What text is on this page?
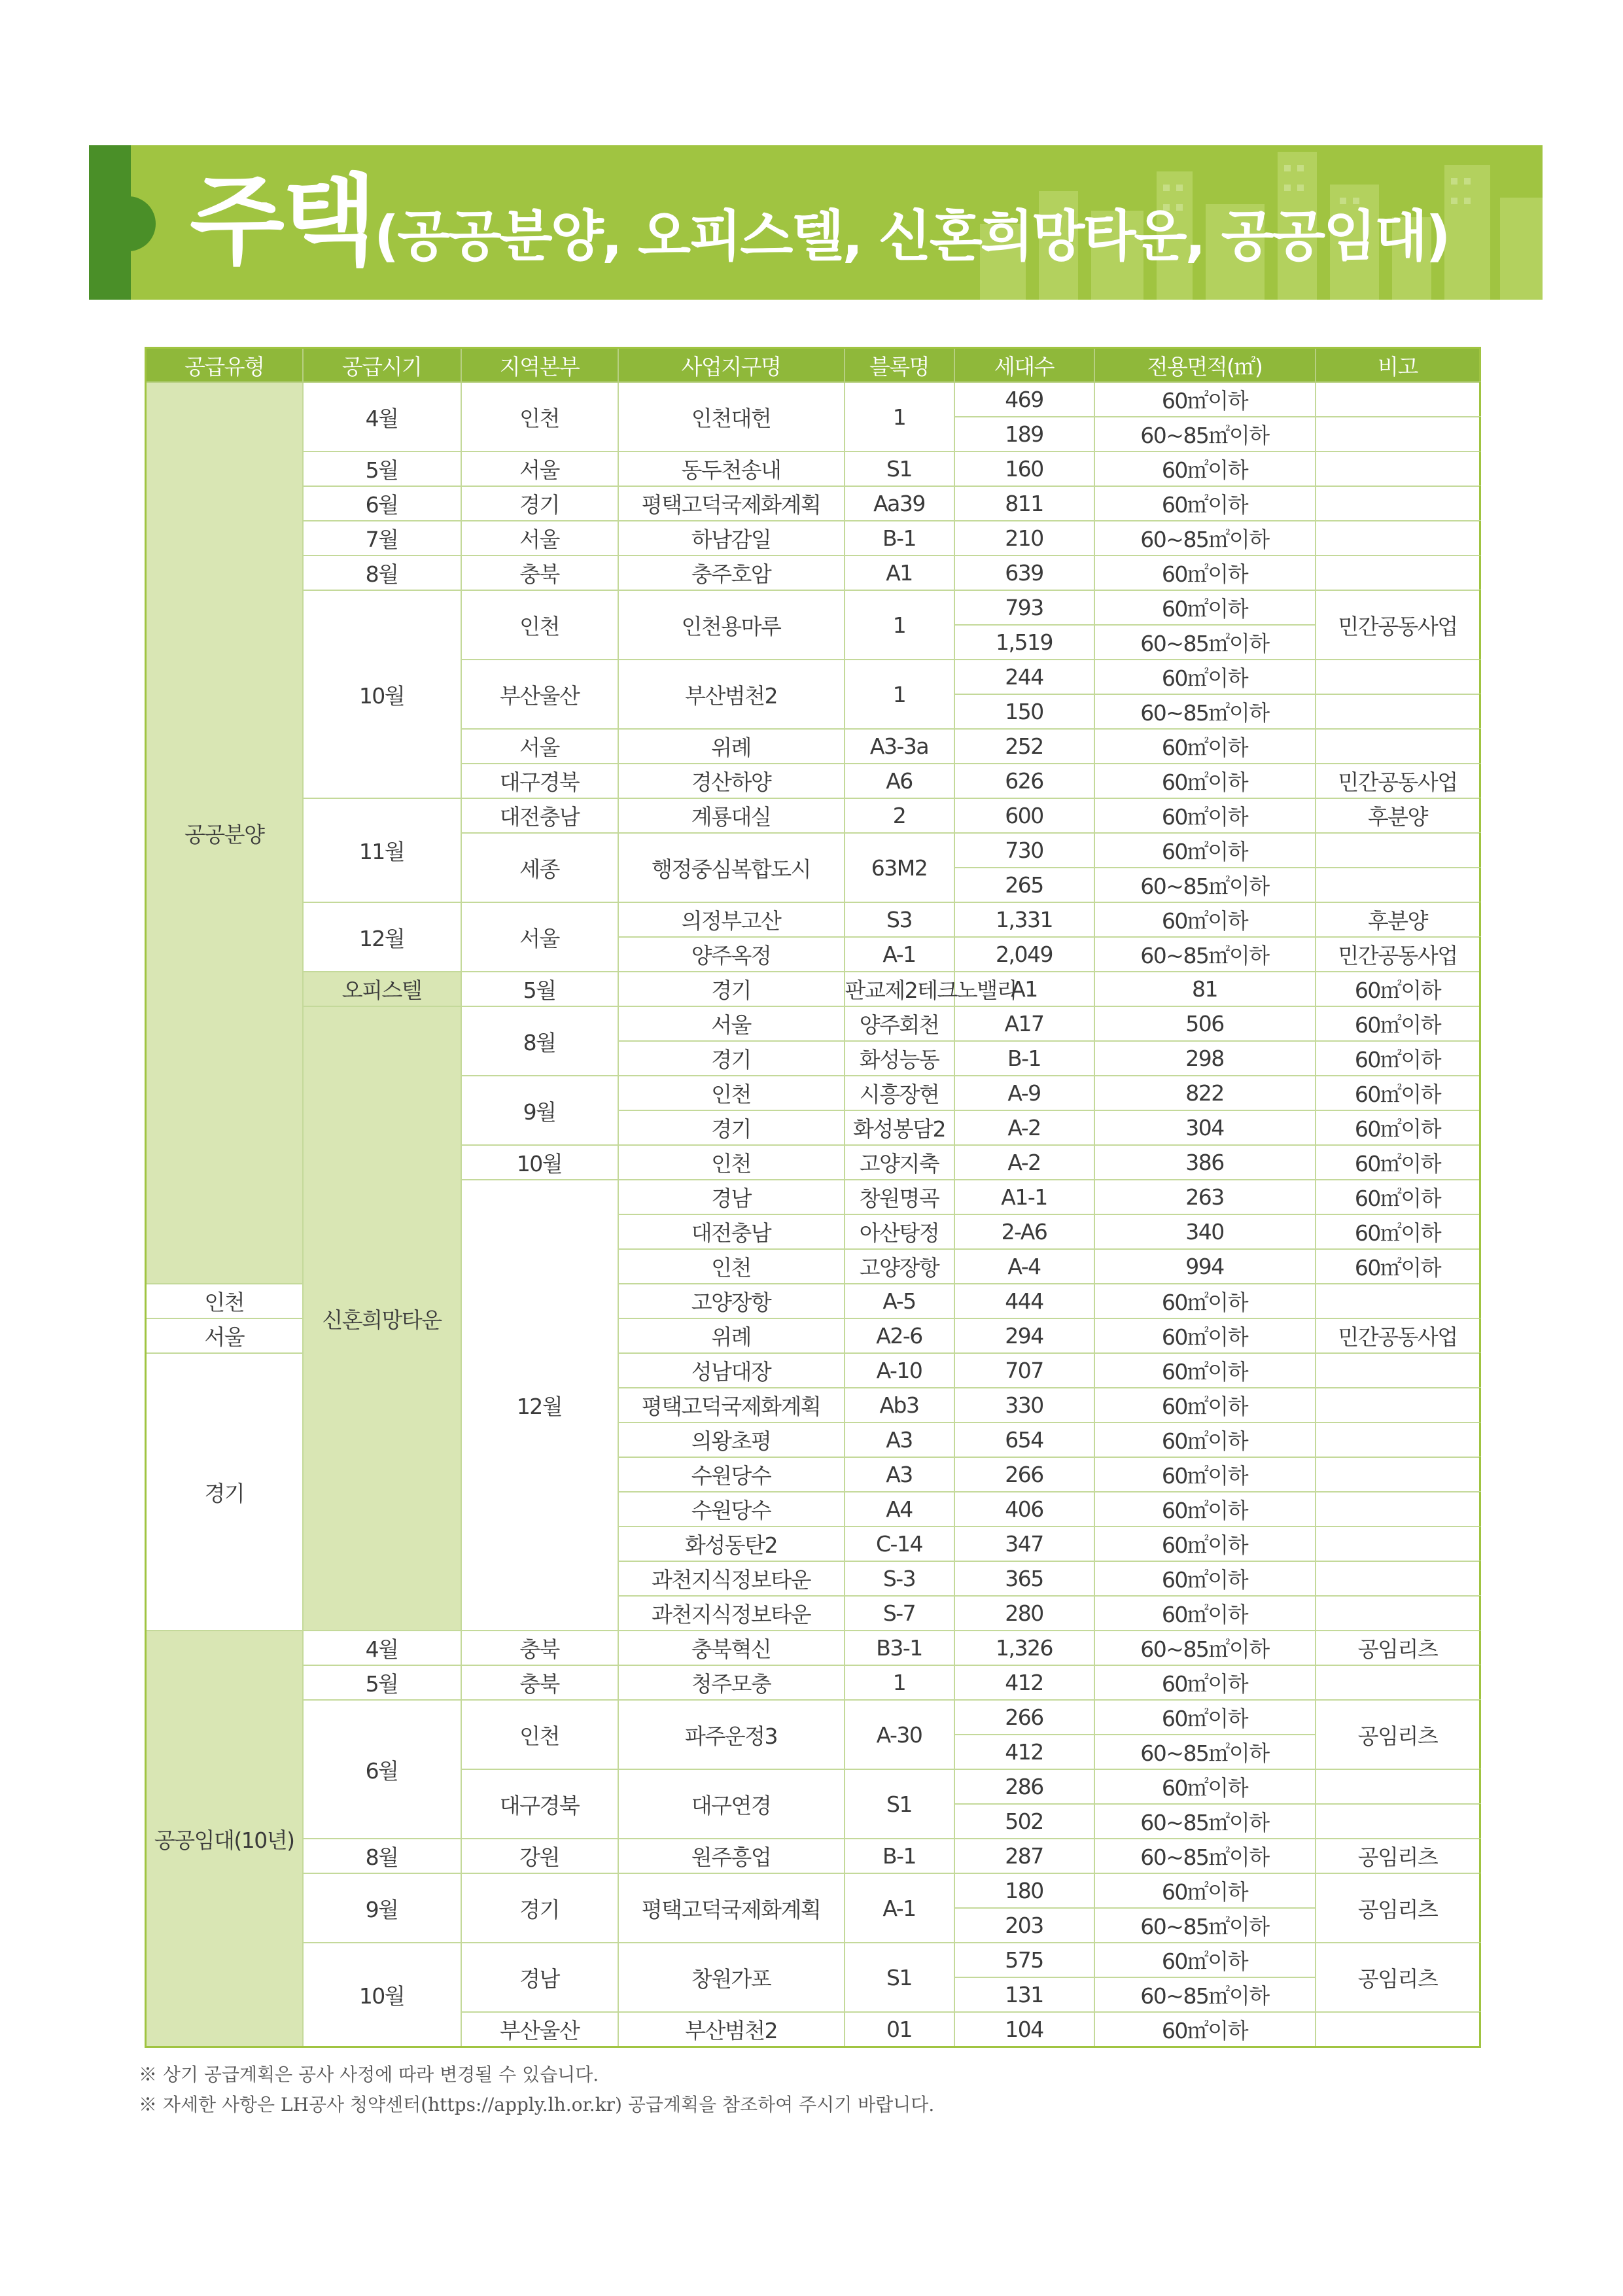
주택(공공분양, 오피스텔, 신혼희망타운, 공공임대)
공급유형	공급시기	지역본부	사업지구명	블록명	세대수	전용면적(㎡)	비고	
공공분양	4월	인천	인천대헌	1	469	60㎡이하		
					189	60~85㎡이하		
	5월	서울	동두천송내	S1	160	60㎡이하		
	6월	경기	평택고덕국제화계획	Aa39	811	60㎡이하		
	7월	서울	하남감일	B-1	210	60~85㎡이하		
	8월	충북	충주호암	A1	639	60㎡이하		
	10월	인천	인천용마루	1	793	60㎡이하	민간공동사업	
					1,519	60~85㎡이하		
		부산울산	부산범천2	1	244	60㎡이하		
					150	60~85㎡이하		
		서울	위례	A3-3a	252	60㎡이하		
		대구경북	경산하양	A6	626	60㎡이하	민간공동사업	
	11월	대전충남	계룡대실	2	600	60㎡이하	후분양	
		세종	행정중심복합도시	63M2	730	60㎡이하		
					265	60~85㎡이하		
	12월	서울	의정부고산	S3	1,331	60㎡이하	후분양	
			양주옥정	A-1	2,049	60~85㎡이하	민간공동사업	
	오피스텔	5월	경기	판교제2테크노밸리	A1	81	60㎡이하	
	신혼희망타운	8월	서울	양주회천	A17	506	60㎡이하	
			경기	화성능동	B-1	298	60㎡이하	
		9월	인천	시흥장현	A-9	822	60㎡이하	
			경기	화성봉담2	A-2	304	60㎡이하	
		10월	인천	고양지축	A-2	386	60㎡이하	
		12월	경남	창원명곡	A1-1	263	60㎡이하	
			대전충남	아산탕정	2-A6	340	60㎡이하	
			인천	고양장항	A-4	994	60㎡이하	
인천			고양장항	A-5	444	60㎡이하		
서울			위례	A2-6	294	60㎡이하	민간공동사업	
경기			성남대장	A-10	707	60㎡이하		
			평택고덕국제화계획	Ab3	330	60㎡이하		
			의왕초평	A3	654	60㎡이하		
			수원당수	A3	266	60㎡이하		
			수원당수	A4	406	60㎡이하		
			화성동탄2	C-14	347	60㎡이하		
			과천지식정보타운	S-3	365	60㎡이하		
			과천지식정보타운	S-7	280	60㎡이하		
공공임대(10년)	4월	충북	충북혁신	B3-1	1,326	60~85㎡이하	공임리츠	
	5월	충북	청주모충	1	412	60㎡이하		
	6월	인천	파주운정3	A-30	266	60㎡이하	공임리츠	
					412	60~85㎡이하		
		대구경북	대구연경	S1	286	60㎡이하		
					502	60~85㎡이하		
	8월	강원	원주흥업	B-1	287	60~85㎡이하	공임리츠	
	9월	경기	평택고덕국제화계획	A-1	180	60㎡이하	공임리츠	
					203	60~85㎡이하		
	10월	경남	창원가포	S1	575	60㎡이하	공임리츠	
					131	60~85㎡이하		
		부산울산	부산범천2	01	104	60㎡이하		
※ 상기 공급계획은 공사 사정에 따라 변경될 수 있습니다.
※ 자세한 사항은 LH공사 청약센터(https://apply.lh.or.kr) 공급계획을 참조하여 주시기 바랍니다.
